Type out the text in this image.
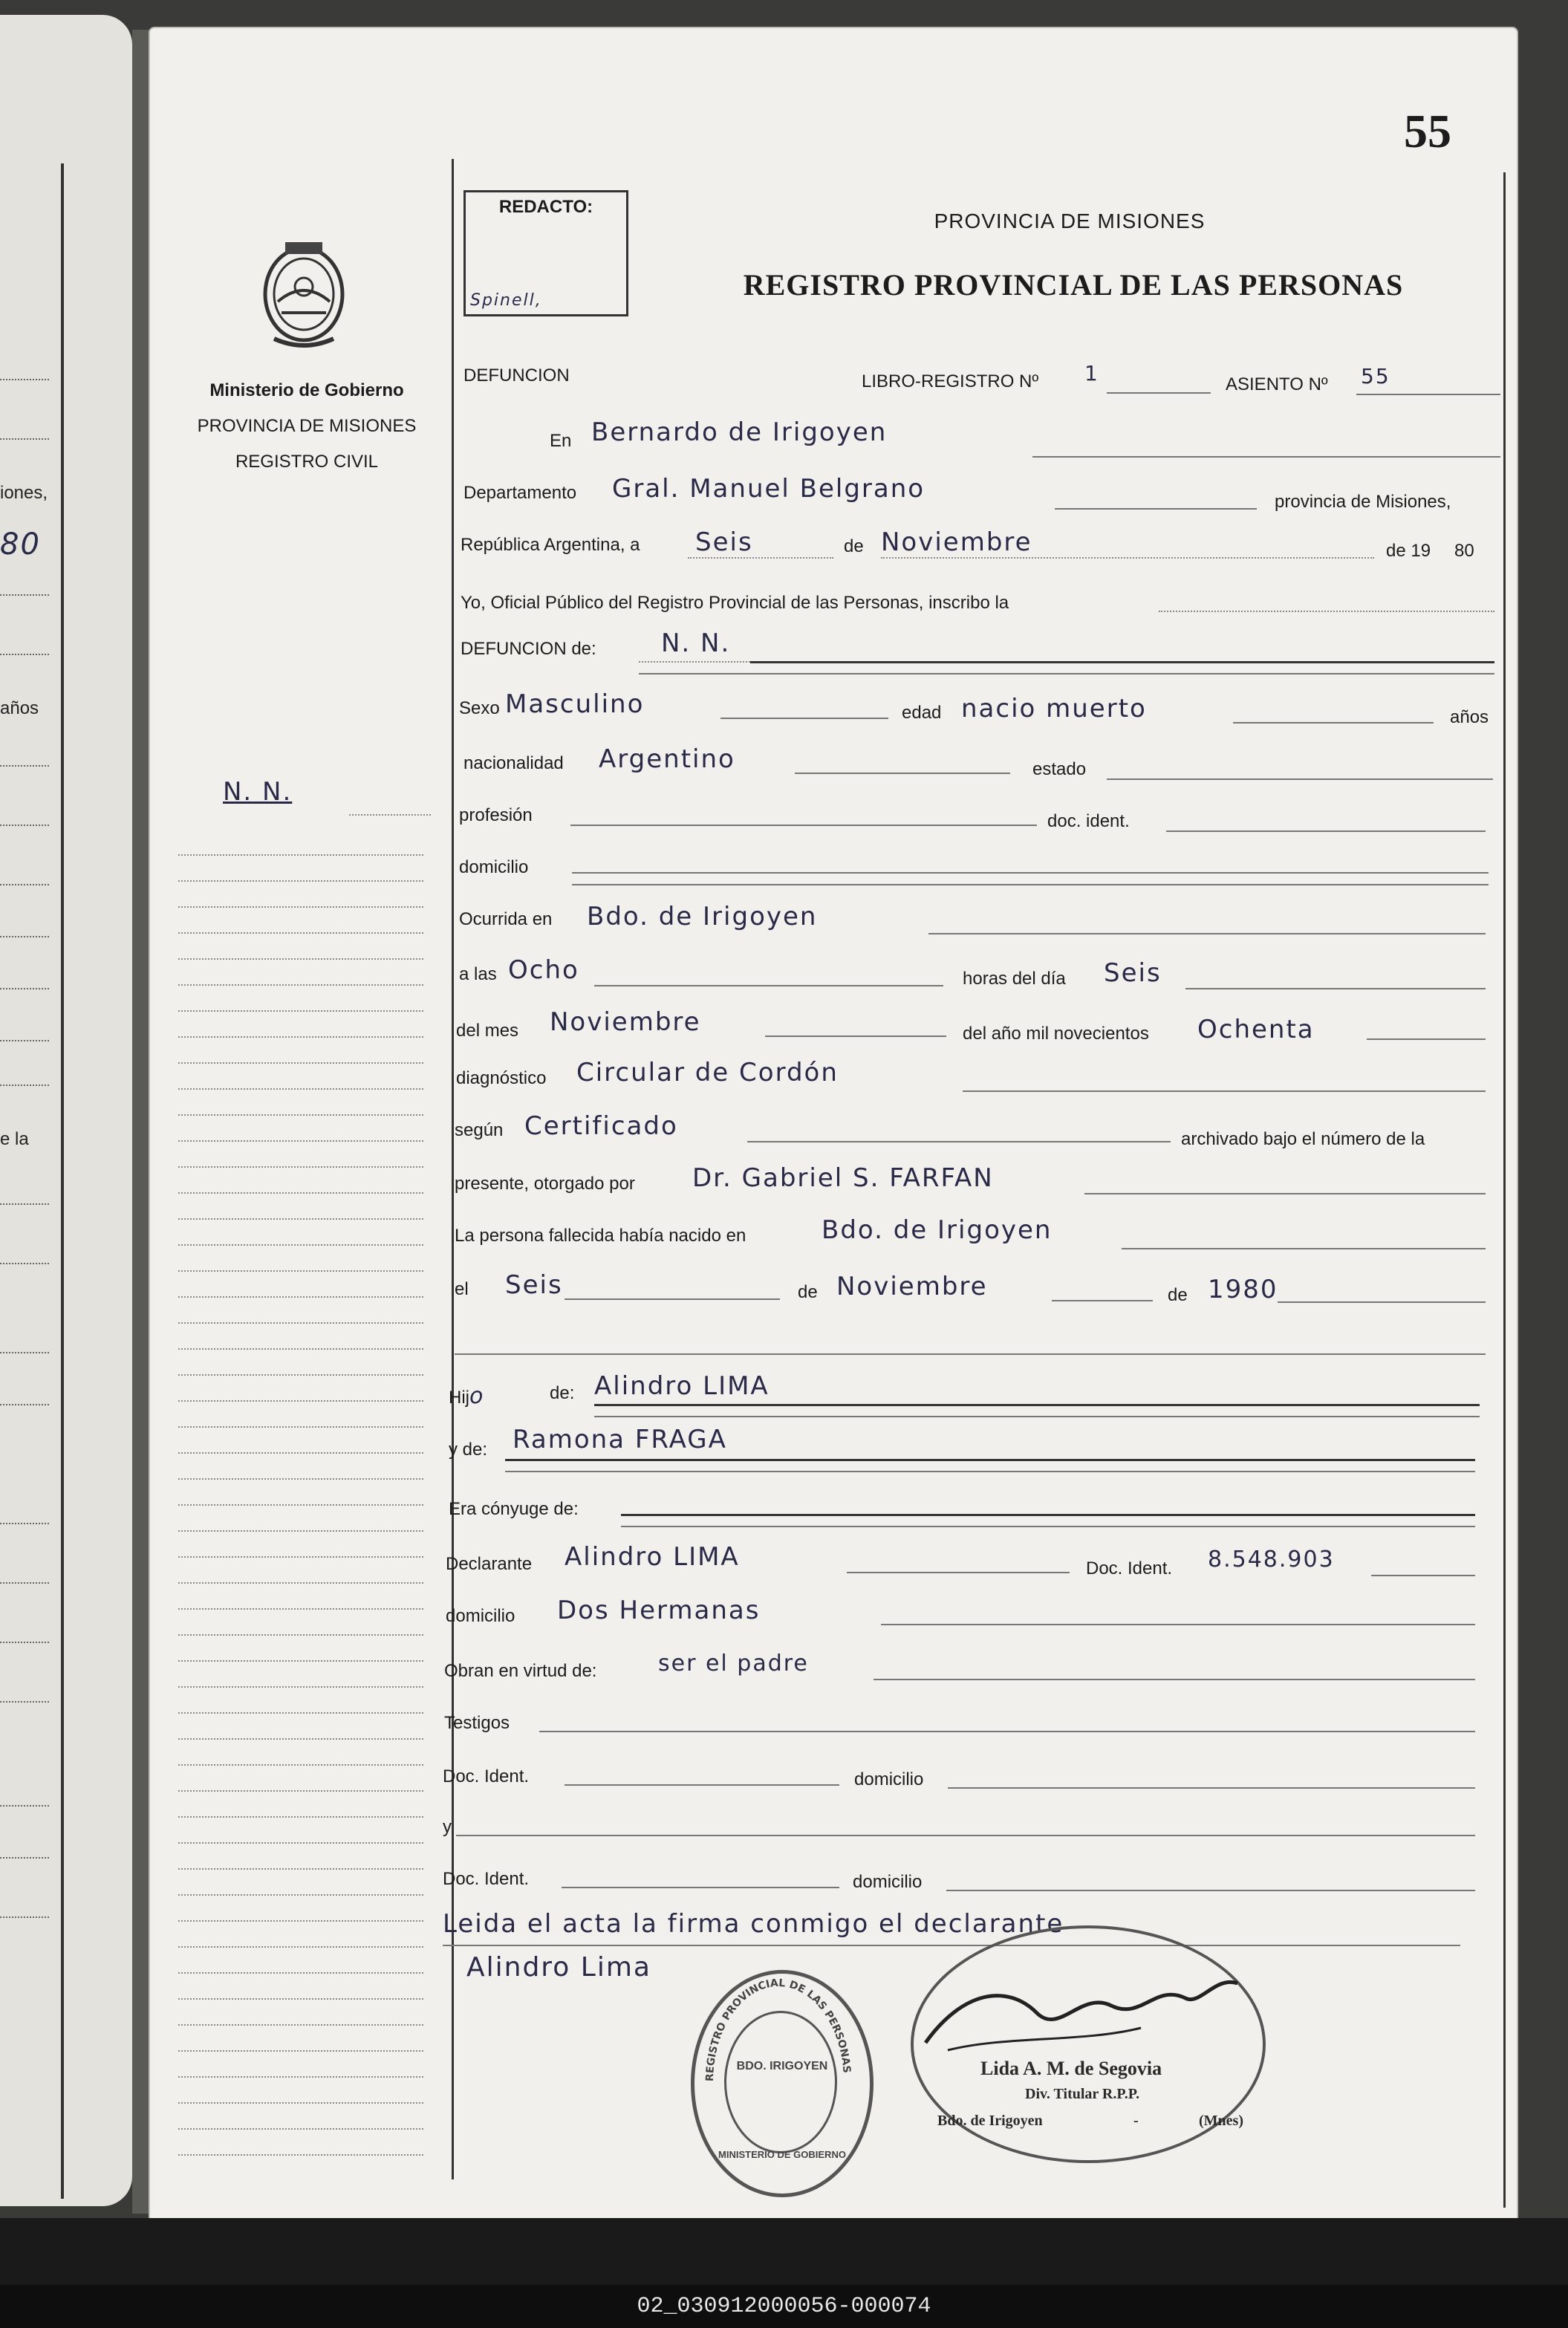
iones,
80
años
e la
55
REDACTO:
Spinell,
PROVINCIA DE MISIONES
REGISTRO PROVINCIAL DE LAS PERSONAS
Ministerio de Gobierno
PROVINCIA DE MISIONES
REGISTRO CIVIL
N. N.
DEFUNCION	LIBRO-REGISTRO Nº 1	ASIENTO Nº 55
En Bernardo de Irigoyen
Departamento Gral. Manuel Belgrano	provincia de Misiones,
República Argentina, a Seis	de Noviembre	de 19 80
Yo, Oficial Público del Registro Provincial de las Personas, inscribo la
DEFUNCION de:	N. N.
Sexo Masculino	edad nacio muerto	años
nacionalidad Argentino	estado
profesión	doc. ident.
domicilio
Ocurrida en Bdo. de Irigoyen
a las Ocho	horas del día Seis
del mes Noviembre	del año mil novecientos Ochenta
diagnóstico Circular de Cordón
según Certificado	archivado bajo el número de la
presente, otorgado por Dr. Gabriel S. FARFAN
La persona fallecida había nacido en	Bdo. de Irigoyen
el Seis	de Noviembre	de 1980
Hijo	de: Alindro LIMA
y de: Ramona FRAGA
Era cónyuge de:
Declarante Alindro LIMA	Doc. Ident. 8.548.903
domicilio Dos Hermanas
Obran en virtud de:	ser el padre
Testigos
Doc. Ident.	domicilio
y
Doc. Ident.	domicilio
Leida el acta la firma conmigo el declarante
Alindro Lima
REGISTRO PROVINCIAL DE LAS PERSONAS
BDO. IRIGOYEN
MINISTERIO DE GOBIERNO
Lida A. M. de Segovia
Div. Titular R.P.P.
Bdo. de Irigoyen	-	(Mnes)
02_030912000056-000074
